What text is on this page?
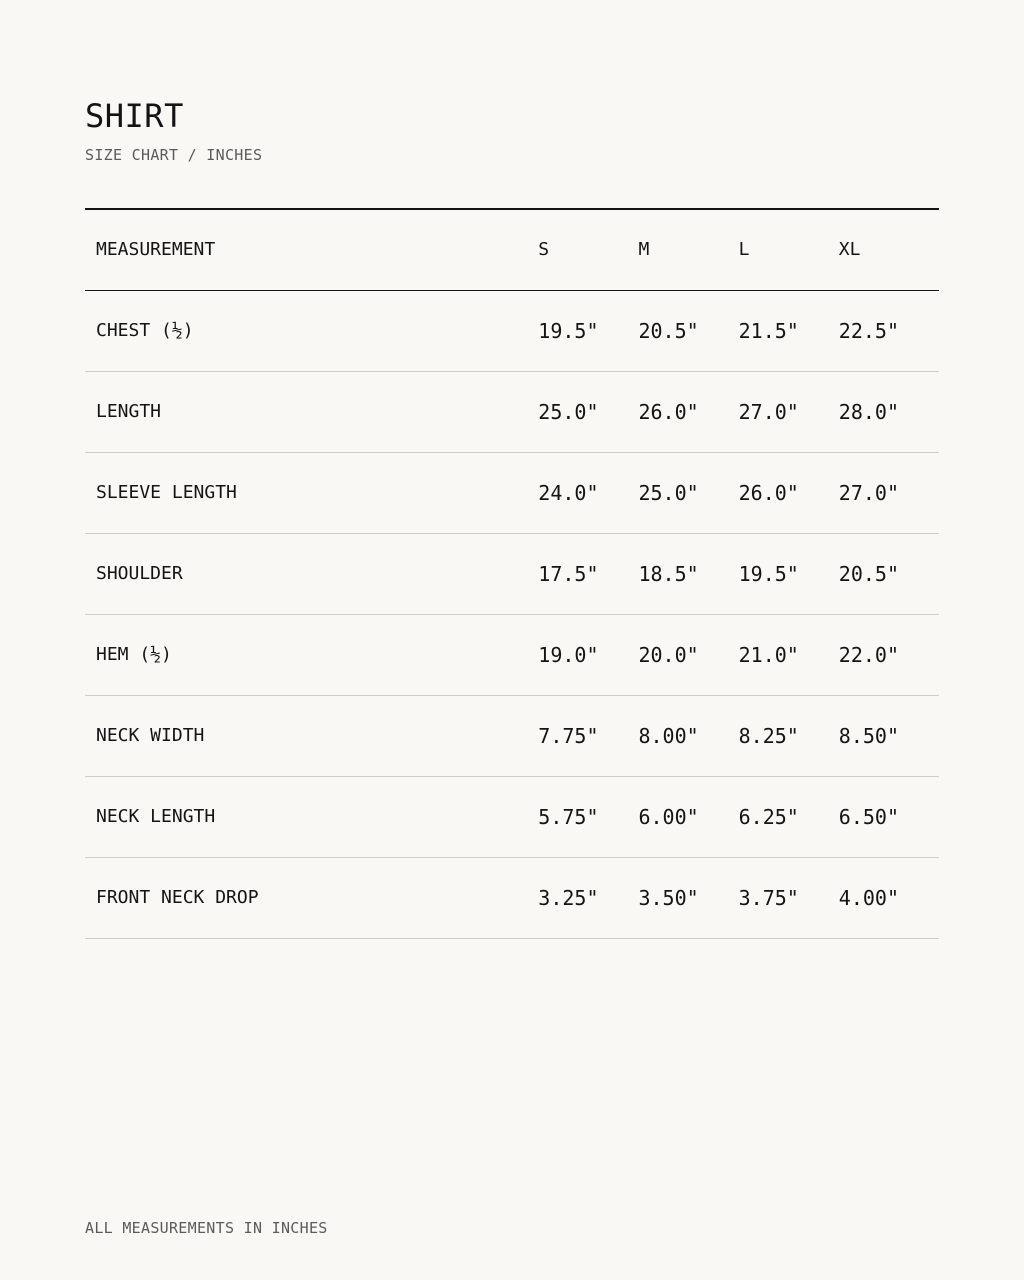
SHIRT

SIZE CHART / INCHES

MEASUREMENT	S	M	L	XL
CHEST (½)	19.5"	20.5"	21.5"	22.5"
LENGTH	25.0"	26.0"	27.0"	28.0"
SLEEVE LENGTH	24.0"	25.0"	26.0"	27.0"
SHOULDER	17.5"	18.5"	19.5"	20.5"
HEM (½)	19.0"	20.0"	21.0"	22.0"
NECK WIDTH	7.75"	8.00"	8.25"	8.50"
NECK LENGTH	5.75"	6.00"	6.25"	6.50"
FRONT NECK DROP	3.25"	3.50"	3.75"	4.00"

ALL MEASUREMENTS IN INCHES
